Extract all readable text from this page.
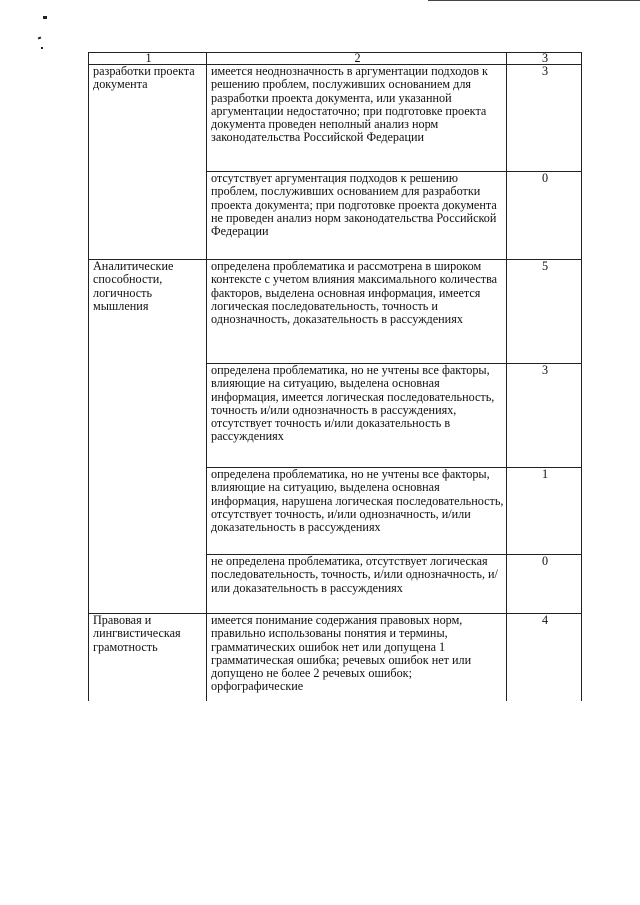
1	2	3
разработки проекта документа	имеется неоднозначность в аргументации подходов к решению проблем, послуживших основанием для разработки проекта документа, или указанной аргументации недостаточно; при подготовке проекта документа проведен неполный анализ норм законодательства Российской Федерации	3
	отсутствует аргументация подходов к решению проблем, послуживших основанием для разработки проекта документа; при подготовке проекта документа не проведен анализ норм законодательства Российской Федерации	0
Аналитические способности, логичность мышления	определена проблематика и рассмотрена в широком контексте с учетом влияния максимального количества факторов, выделена основная информация, имеется логическая последовательность, точность и однозначность, доказательность в рассуждениях	5
	определена проблематика, но не учтены все факторы, влияющие на ситуацию, выделена основная информация, имеется логическая последовательность, точность и/или однозначность в рассуждениях, отсутствует точность и/или доказательность в рассуждениях	3
	определена проблематика, но не учтены все факторы, влияющие на ситуацию, выделена основная информация, нарушена логическая последовательность, отсутствует точность, и/или однозначность, и/или доказательность в рассуждениях	1
	не определена проблематика, отсутствует логическая последовательность, точность, и/или однозначность, и/или доказательность в рассуждениях	0
Правовая и лингвистическая грамотность	имеется понимание содержания правовых норм, правильно использованы понятия и термины, грамматических ошибок нет или допущена 1 грамматическая ошибка; речевых ошибок нет или допущено не более 2 речевых ошибок; орфографические	4
